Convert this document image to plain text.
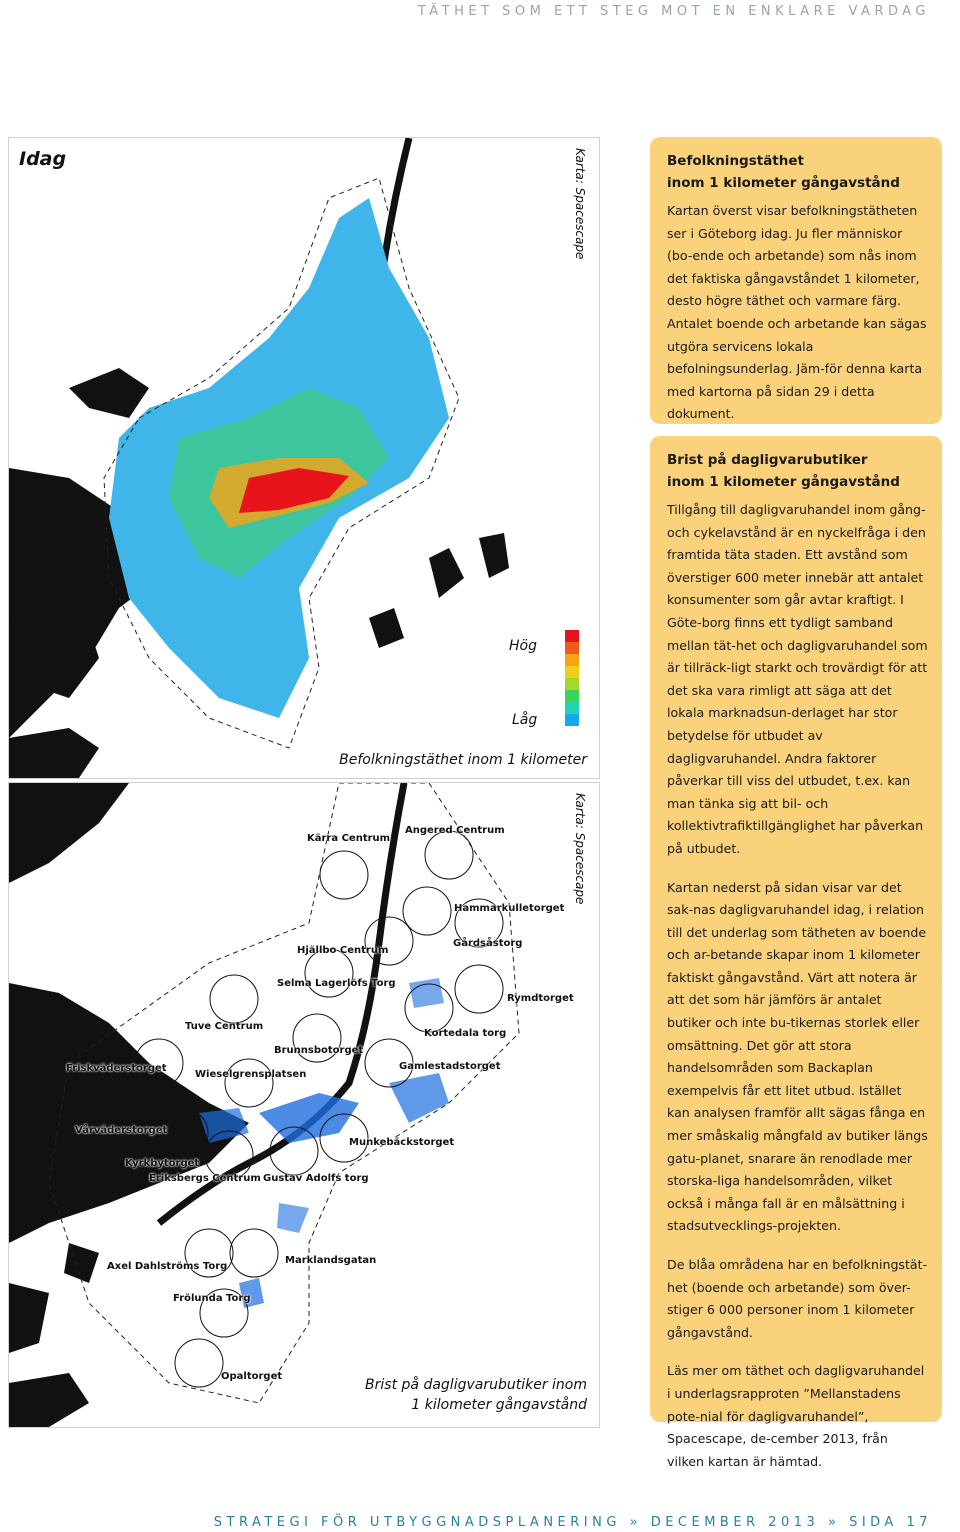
TÄTHET SOM ETT STEG MOT EN ENKLARE VARDAG
Idag	Karta: Spacescape
Hög
Låg
Befolkningstäthet inom 1 kilometer
Idag	Karta: Spacescape
Angered Centrum
Kärra Centrum
Hammarkulletorget
Gårdsåstorg
Hjällbo Centrum
Rymdtorget
Selma Lagerlöfs Torg
Tuve Centrum
Kortedala torg
Brunnsbotorget
Gamlestadstorget
Friskväderstorget
Wieselgrensplatsen
Vårväderstorget
Munkebäckstorget
Kyrkbytorget
Eriksbergs Centrum Gustav Adolfs torg
Axel Dahlströms Torg
Marklandsgatan
Frölunda Torg
Opaltorget
Brist på dagligvarubutiker inom
1 kilometer gångavstånd
Befolkningstäthet
inom 1 kilometer gångavstånd

Kartan överst visar befolkningstätheten ser i Göteborg idag. Ju fler människor (bo-ende och arbetande) som nås inom det faktiska gångavståndet 1 kilometer, desto högre täthet och varmare färg. Antalet boende och arbetande kan sägas utgöra servicens lokala befolningsunderlag. Jäm-för denna karta med kartorna på sidan 29 i detta dokument.

Brist på dagligvarubutiker
inom 1 kilometer gångavstånd

Tillgång till dagligvaruhandel inom gång- och cykelavstånd är en nyckelfråga i den framtida täta staden. Ett avstånd som överstiger 600 meter innebär att antalet konsumenter som går avtar kraftigt. I Göte-borg finns ett tydligt samband mellan tät-het och dagligvaruhandel som är tillräck-ligt starkt och trovärdigt för att det ska vara rimligt att säga att det lokala marknadsun-derlaget har stor betydelse för utbudet av dagligvaruhandel. Andra faktorer påverkar till viss del utbudet, t.ex. kan man tänka sig att bil- och kollektivtrafiktillgänglighet har påverkan på utbudet.

Kartan nederst på sidan visar var det sak-nas dagligvaruhandel idag, i relation till det underlag som tätheten av boende och ar-betande skapar inom 1 kilometer faktiskt gångavstånd. Värt att notera är att det som här jämförs är antalet butiker och inte bu-tikernas storlek eller omsättning. Det gör att stora handelsområden som Backaplan exempelvis får ett litet utbud. Istället kan analysen framför allt sägas fånga en mer småskalig mångfald av butiker längs gatu-planet, snarare än renodlade mer storska-liga handelsområden, vilket också i många fall är en målsättning i stadsutvecklings-projekten.

De blåa områdena har en befolkningstät-het (boende och arbetande) som över-stiger 6 000 personer inom 1 kilometer gångavstånd.

Läs mer om täthet och dagligvaruhandel i underlagsrapproten ”Mellanstadens pote-nial för dagligvaruhandel”, Spacescape, de-cember 2013, från vilken kartan är hämtad.

STRATEGI FÖR UTBYGGNADSPLANERING » DECEMBER 2013 » SIDA 17
